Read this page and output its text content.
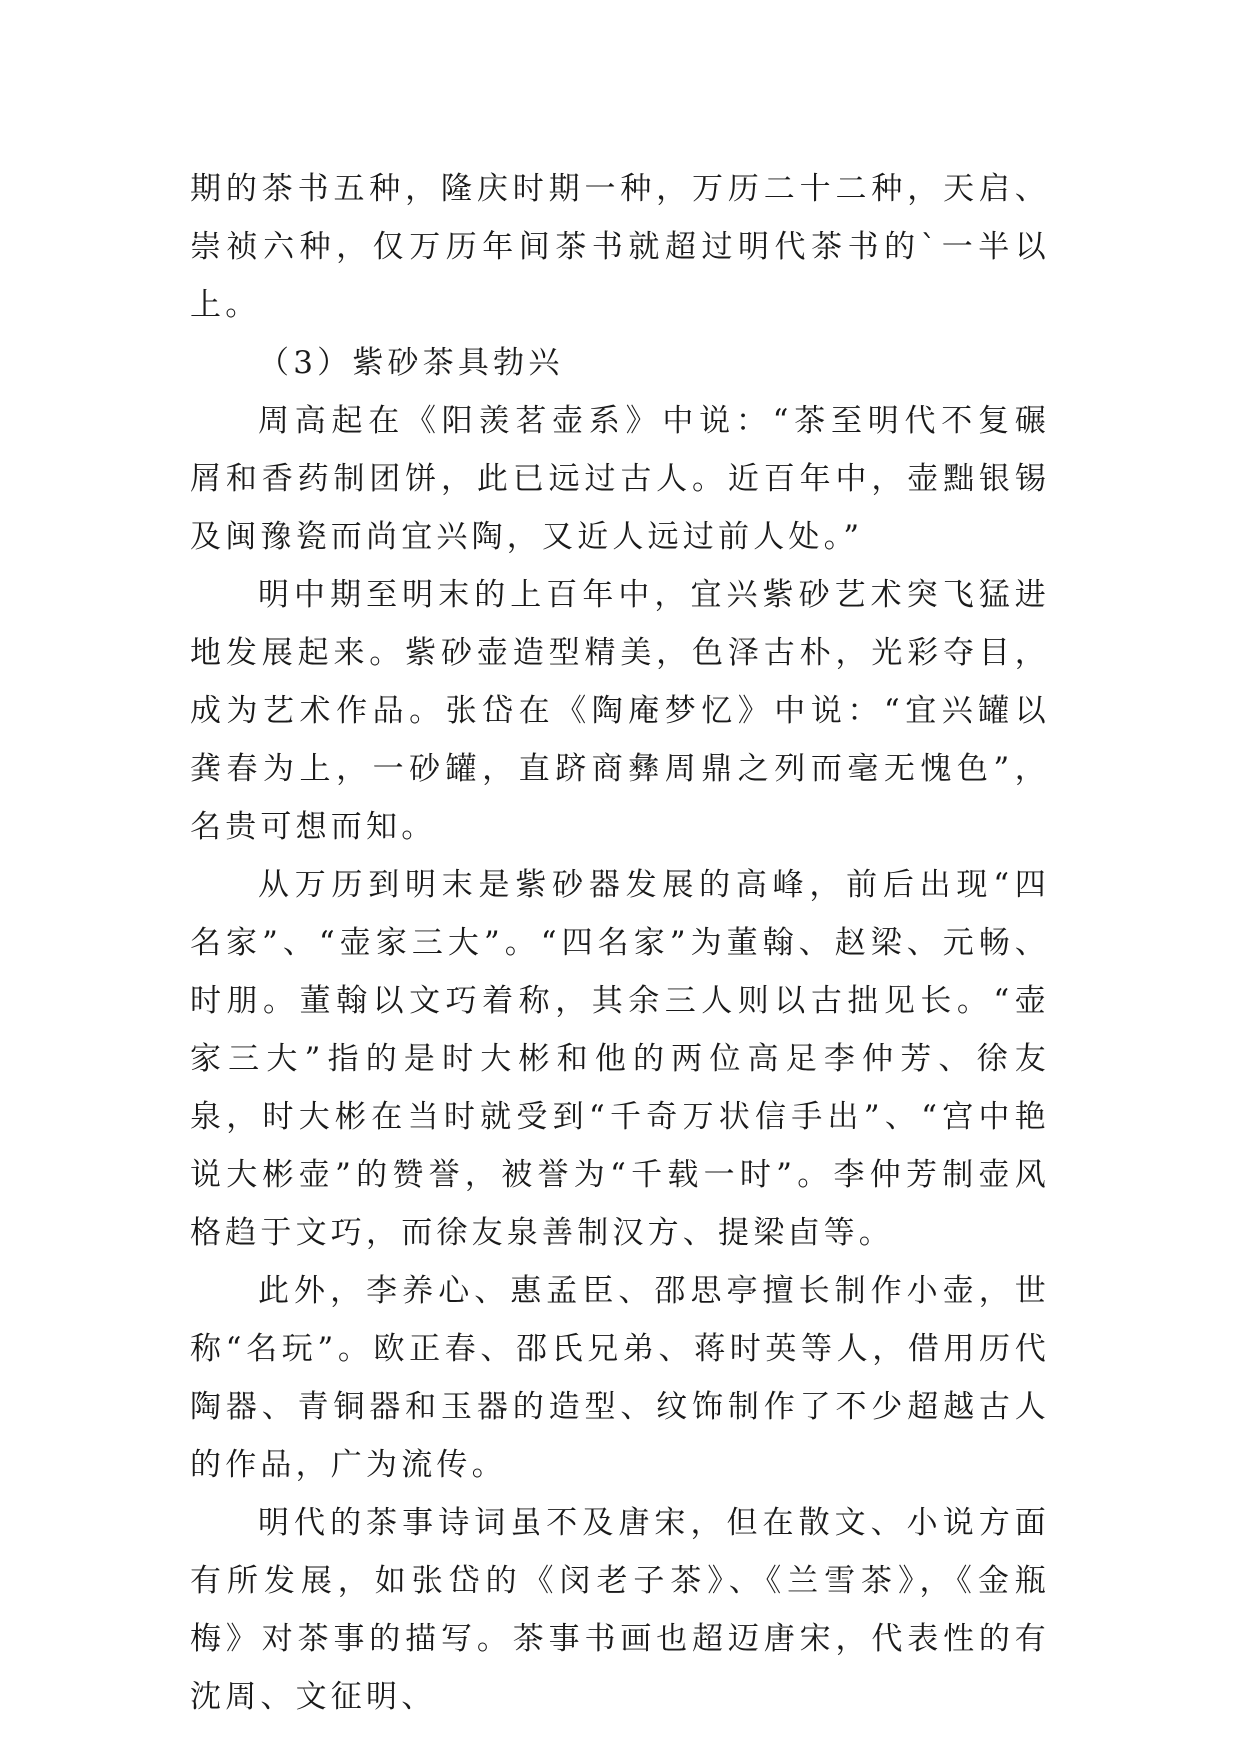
期的茶书五种，隆庆时期一种，万历二十二种，天启、崇祯六种，仅万历年间茶书就超过明代茶书的`一半以上。

（3）紫砂茶具勃兴

周高起在《阳羡茗壶系》中说：“茶至明代不复碾屑和香药制团饼，此已远过古人。近百年中，壶黜银锡及闽豫瓷而尚宜兴陶，又近人远过前人处。”

明中期至明末的上百年中，宜兴紫砂艺术突飞猛进地发展起来。紫砂壶造型精美，色泽古朴，光彩夺目，成为艺术作品。张岱在《陶庵梦忆》中说：“宜兴罐以龚春为上，一砂罐，直跻商彝周鼎之列而毫无愧色”，名贵可想而知。

从万历到明末是紫砂器发展的高峰，前后出现“四名家”、“壶家三大”。“四名家”为董翰、赵梁、元畅、时朋。董翰以文巧着称，其余三人则以古拙见长。“壶家三大”指的是时大彬和他的两位高足李仲芳、徐友泉，时大彬在当时就受到“千奇万状信手出”、“宫中艳说大彬壶”的赞誉，被誉为“千载一时”。李仲芳制壶风格趋于文巧，而徐友泉善制汉方、提梁卣等。

此外，李养心、惠孟臣、邵思亭擅长制作小壶，世称“名玩”。欧正春、邵氏兄弟、蒋时英等人，借用历代陶器、青铜器和玉器的造型、纹饰制作了不少超越古人的作品，广为流传。

明代的茶事诗词虽不及唐宋，但在散文、小说方面有所发展，如张岱的《闵老子茶》、《兰雪茶》，《金瓶梅》对茶事的描写。茶事书画也超迈唐宋，代表性的有沈周、文征明、
